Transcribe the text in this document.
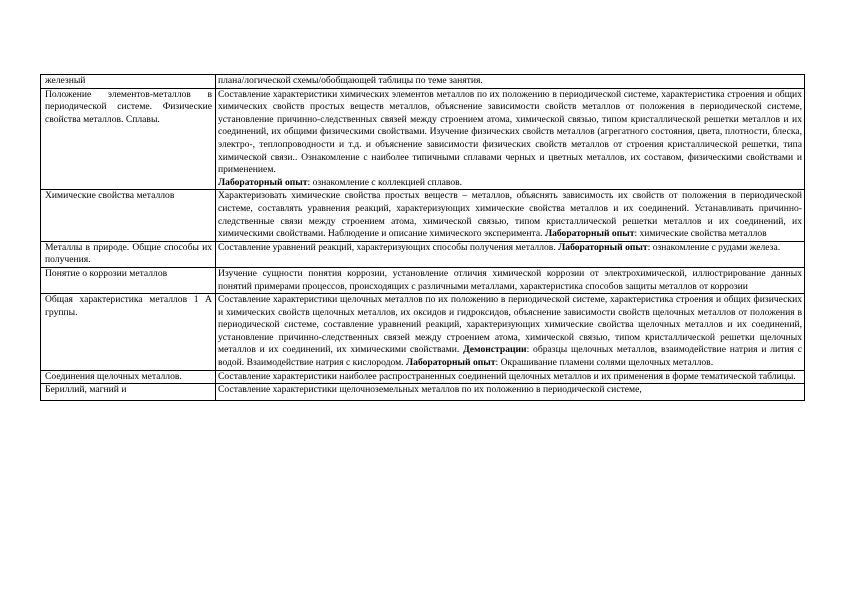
железный	плана/логической схемы/обобщающей таблицы по теме занятия.
Положение элементов-металлов в периодической системе. Физические свойства металлов. Сплавы.	Составление характеристики химических элементов металлов по их положению в периодической системе, характеристика строения и общих химических свойств простых веществ металлов, объяснение зависимости свойств металлов от положения в периодической системе, установление причинно-следственных связей между строением атома, химической связью, типом кристаллической решетки металлов и их соединений, их общими физическими свойствами. Изучение физических свойств металлов (агрегатного состояния, цвета, плотности, блеска, электро-, теплопроводности и т.д. и объяснение зависимости физических свойств металлов от строения кристаллической решетки, типа химической связи.. Ознакомление с наиболее типичными сплавами черных и цветных металлов, их составом, физическими свойствами и применением.
Лабораторный опыт: ознакомление с коллекцией сплавов.
Химические свойства металлов	Характеризовать химические свойства простых веществ – металлов, объяснять зависимость их свойств от положения в периодической системе, составлять уравнения реакций, характеризующих химические свойства металлов и их соединений. Устанавливать причинно-следственные связи между строением атома, химической связью, типом кристаллической решетки металлов и их соединений, их химическими свойствами. Наблюдение и описание химического эксперимента. Лабораторный опыт: химические свойства металлов
Металлы в природе. Общие способы их получения.	Составление уравнений реакций, характеризующих способы получения металлов. Лабораторный опыт: ознакомление с рудами железа.
Понятие о коррозии металлов	Изучение сущности понятия коррозии, установление отличия химической коррозии от электрохимической, иллюстрирование данных понятий примерами процессов, происходящих с различными металлами, характеристика способов защиты металлов от коррозии
Общая характеристика металлов 1 А группы.	Составление характеристики щелочных металлов по их положению в периодической системе, характеристика строения и общих физических и химических свойств щелочных металлов, их оксидов и гидроксидов, объяснение зависимости свойств щелочных металлов от положения в периодической системе, составление уравнений реакций, характеризующих химические свойства щелочных металлов и их соединений, установление причинно-следственных связей между строением атома, химической связью, типом кристаллической решетки щелочных металлов и их соединений, их химическими свойствами. Демонстрации: образцы щелочных металлов, взаимодействие натрия и лития с водой. Взаимодействие натрия с кислородом. Лабораторный опыт: Окрашивание пламени солями щелочных металлов.
Соединения щелочных металлов.	Составление характеристики наиболее распространенных соединений щелочных металлов и их применения в форме тематической таблицы.

Бериллий, магний и	Составление характеристики щелочноземельных металлов по их положению в периодической системе,
